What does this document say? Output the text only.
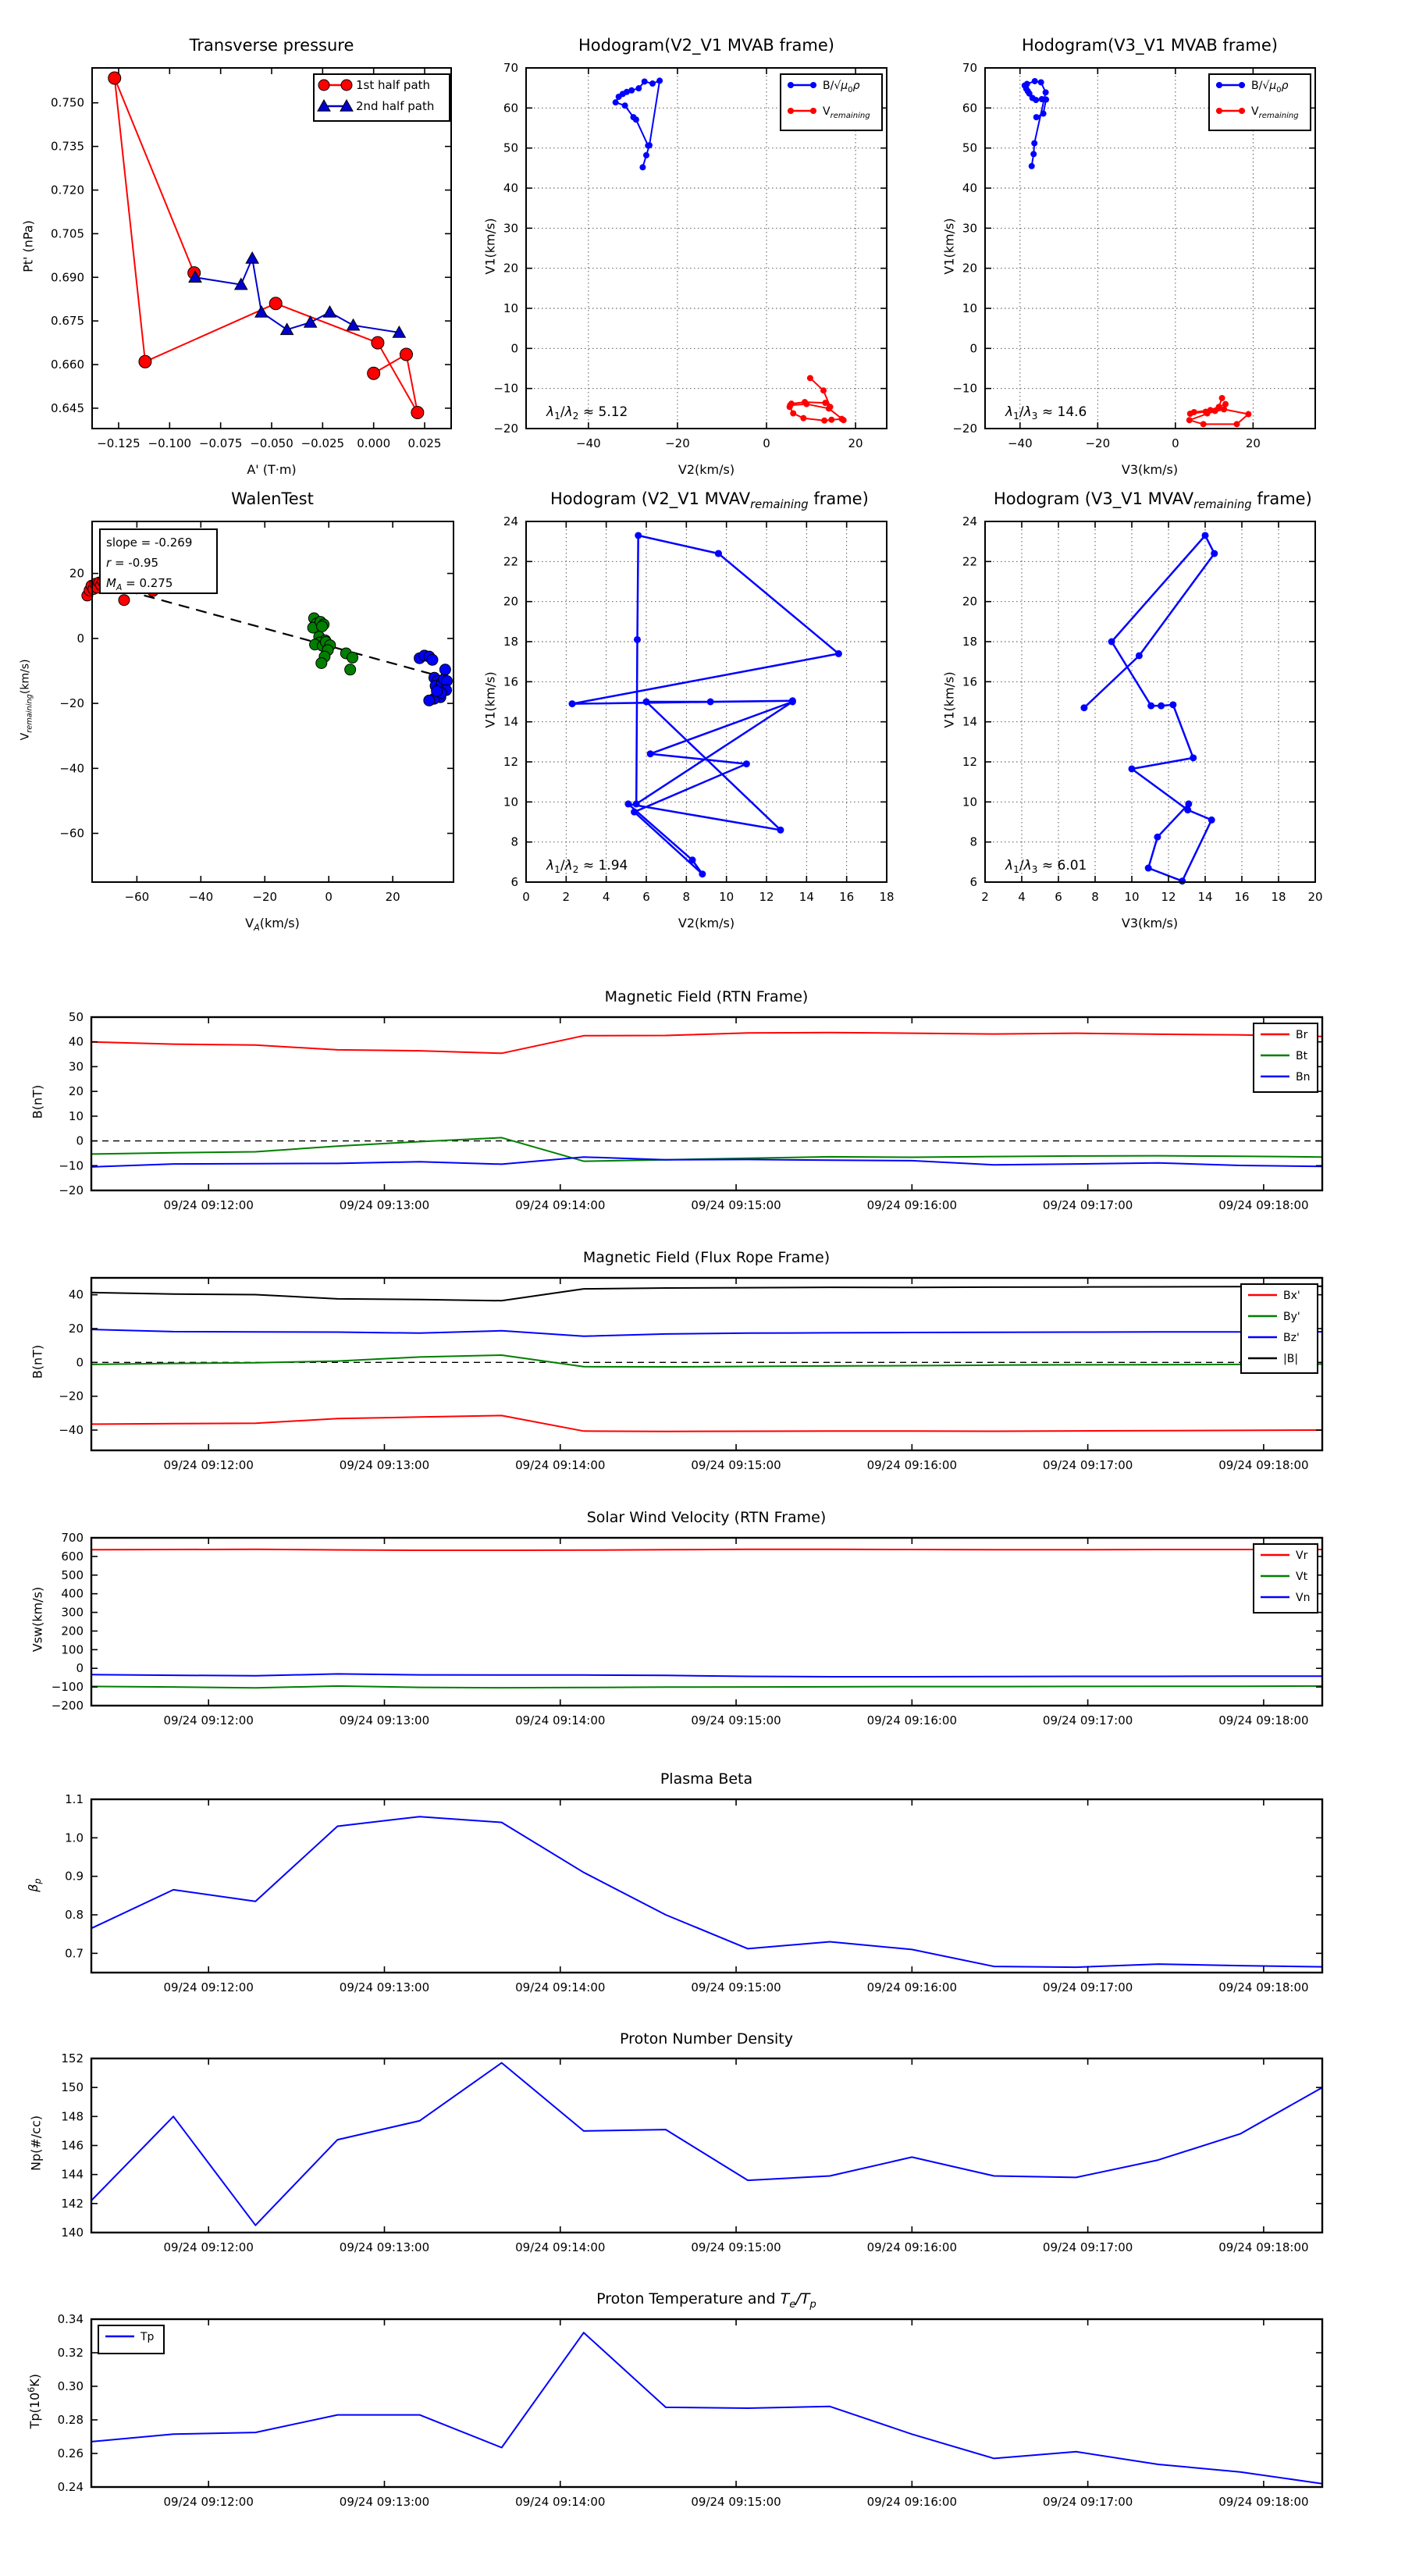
−0.125 −0.100 −0.075 −0.050 −0.025 0.000 0.025
0.645
0.660
0.675
0.690
0.705
0.720
0.735
0.750
1st half path
2nd half path
−40	−20	0	20
−20
−10
0
10
20
30
40
50
60
70
$\lambda_1/\lambda_2 \approx 5.12$
$B/√\mu_0\rho$
$V_{remaining}$
−40	−20	0	20
−20
−10
0
10
20
30
40
50
60
70
$\lambda_1/\lambda_3 \approx 14.6$
$B/√\mu_0\rho$
$V_{remaining}$
−60	−40	−20	0	20
−60
−40
−20
0
20
slope = -0.269
r = -0.95
$M_A = 0.275$
0	2	4	6	8 10 12 14 16 18
6
8
10
12
14
16
18
20
22
24
$\lambda_1/\lambda_2 \approx 1.94$
2 4 6 8 10 12 14 16 18 20
6
8
10
12
14
16
18
20
22
24
$\lambda_1/\lambda_3 \approx 6.01$
09/24 09:12:00	09/24 09:13:00	09/24 09:14:00	09/24 09:15:00	09/24 09:16:00	09/24 09:17:00	09/24 09:18:00
−20
−10
0
10
20
30
40
50
Br
Bt
Bn
09/24 09:12:00	09/24 09:13:00	09/24 09:14:00	09/24 09:15:00	09/24 09:16:00	09/24 09:17:00	09/24 09:18:00
−40
−20
0
20
40	Bx'
By'
Bz'
|B|
09/24 09:12:00	09/24 09:13:00	09/24 09:14:00	09/24 09:15:00	09/24 09:16:00	09/24 09:17:00	09/24 09:18:00
−200
−100
0
100
200
300
400
500
600
700
Vr
Vt
Vn
09/24 09:12:00	09/24 09:13:00	09/24 09:14:00	09/24 09:15:00	09/24 09:16:00	09/24 09:17:00	09/24 09:18:00
0.7
0.8
0.9
1.0
1.1
09/24 09:12:00	09/24 09:13:00	09/24 09:14:00	09/24 09:15:00	09/24 09:16:00	09/24 09:17:00	09/24 09:18:00
140
142
144
146
148
150
152
09/24 09:12:00	09/24 09:13:00	09/24 09:14:00	09/24 09:15:00	09/24 09:16:00	09/24 09:17:00	09/24 09:18:00
0.24
0.26
0.28
0.30
0.32
0.34
Tp
Transverse pressure	Hodogram(V2_V1 MVAB frame)	Hodogram(V3_V1 MVAB frame)
WalenTest	Hodogram (V2_V1 $MVAV_{remaining}$ frame)	Hodogram (V3_V1 $MVAV_{remaining}$ frame)
Magnetic Field (RTN Frame)
Magnetic Field (Flux Rope Frame)
Solar Wind Velocity (RTN Frame)
Plasma Beta
Proton Number Density
Proton Temperature and $T_e/T_p$
A' (T·m)	V2(km/s)	V3(km/s)
$V_A(km/s)$	V2(km/s)	V3(km/s)
Pt' (nPa)	V1(km/s)	V1(km/s)
$V_{remaining}(km/s)$	V1(km/s)	V1(km/s)
B(nT)
B(nT)
Vsw(km/s)
$\beta_p$
Np(#/cc)
$Tp(10^6K)$
